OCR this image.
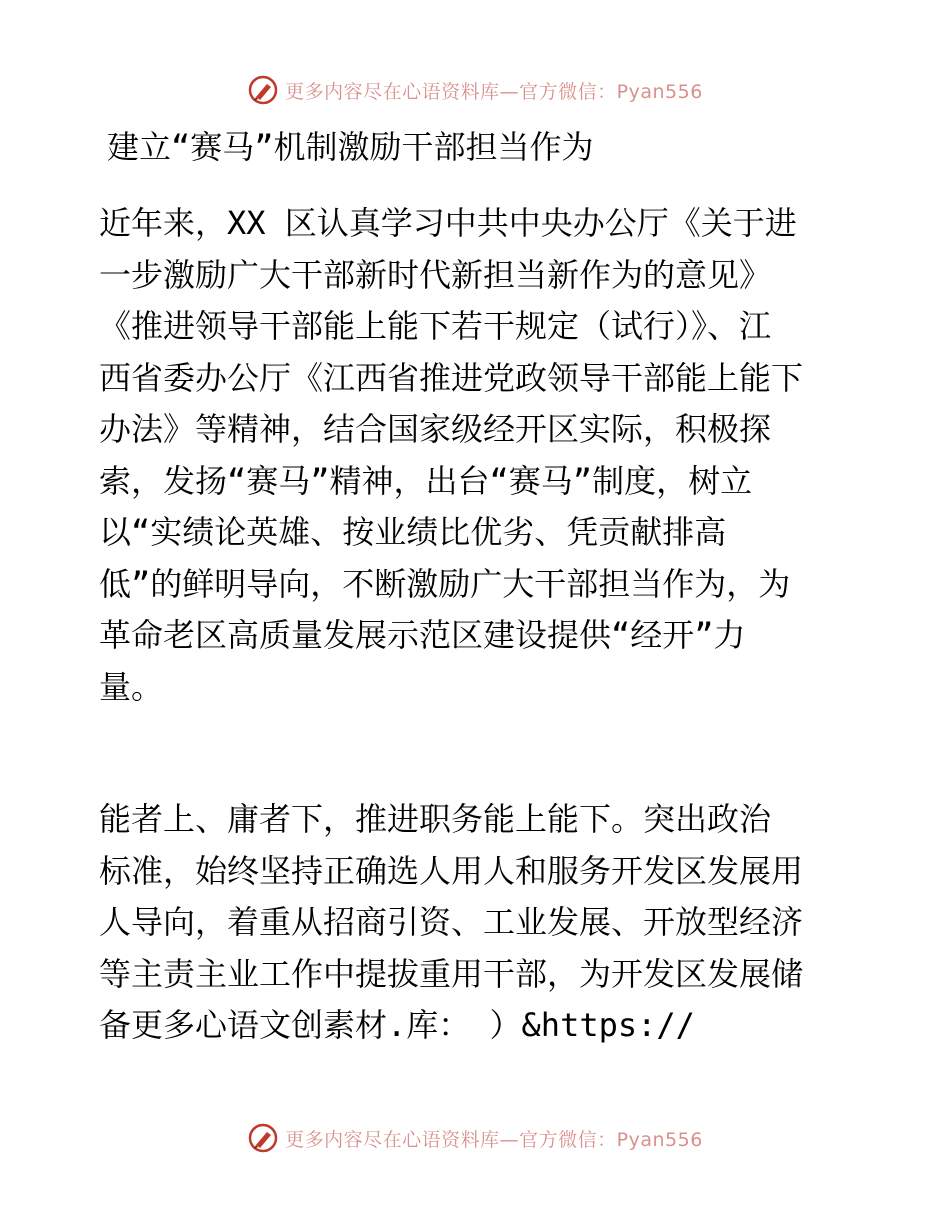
更多内容尽在心语资料库—官方微信：Pyan556
建立“赛马”机制激励干部担当作为
近年来，XX 区认真学习中共中央办公厅《关于进
一步激励广大干部新时代新担当新作为的意见》
《推进领导干部能上能下若干规定（试行）》、江
西省委办公厅《江西省推进党政领导干部能上能下
办法》等精神，结合国家级经开区实际，积极探
索，发扬“赛马”精神，出台“赛马”制度，树立
以“实绩论英雄、按业绩比优劣、凭贡献排高
低”的鲜明导向，不断激励广大干部担当作为，为
革命老区高质量发展示范区建设提供“经开”力
量。
能者上、庸者下，推进职务能上能下。突出政治
标准，始终坚持正确选人用人和服务开发区发展用
人导向，着重从招商引资、工业发展、开放型经济
等主责主业工作中提拔重用干部，为开发区发展储
备更多心语文创素材.库： ）&https://
更多内容尽在心语资料库—官方微信：Pyan556
